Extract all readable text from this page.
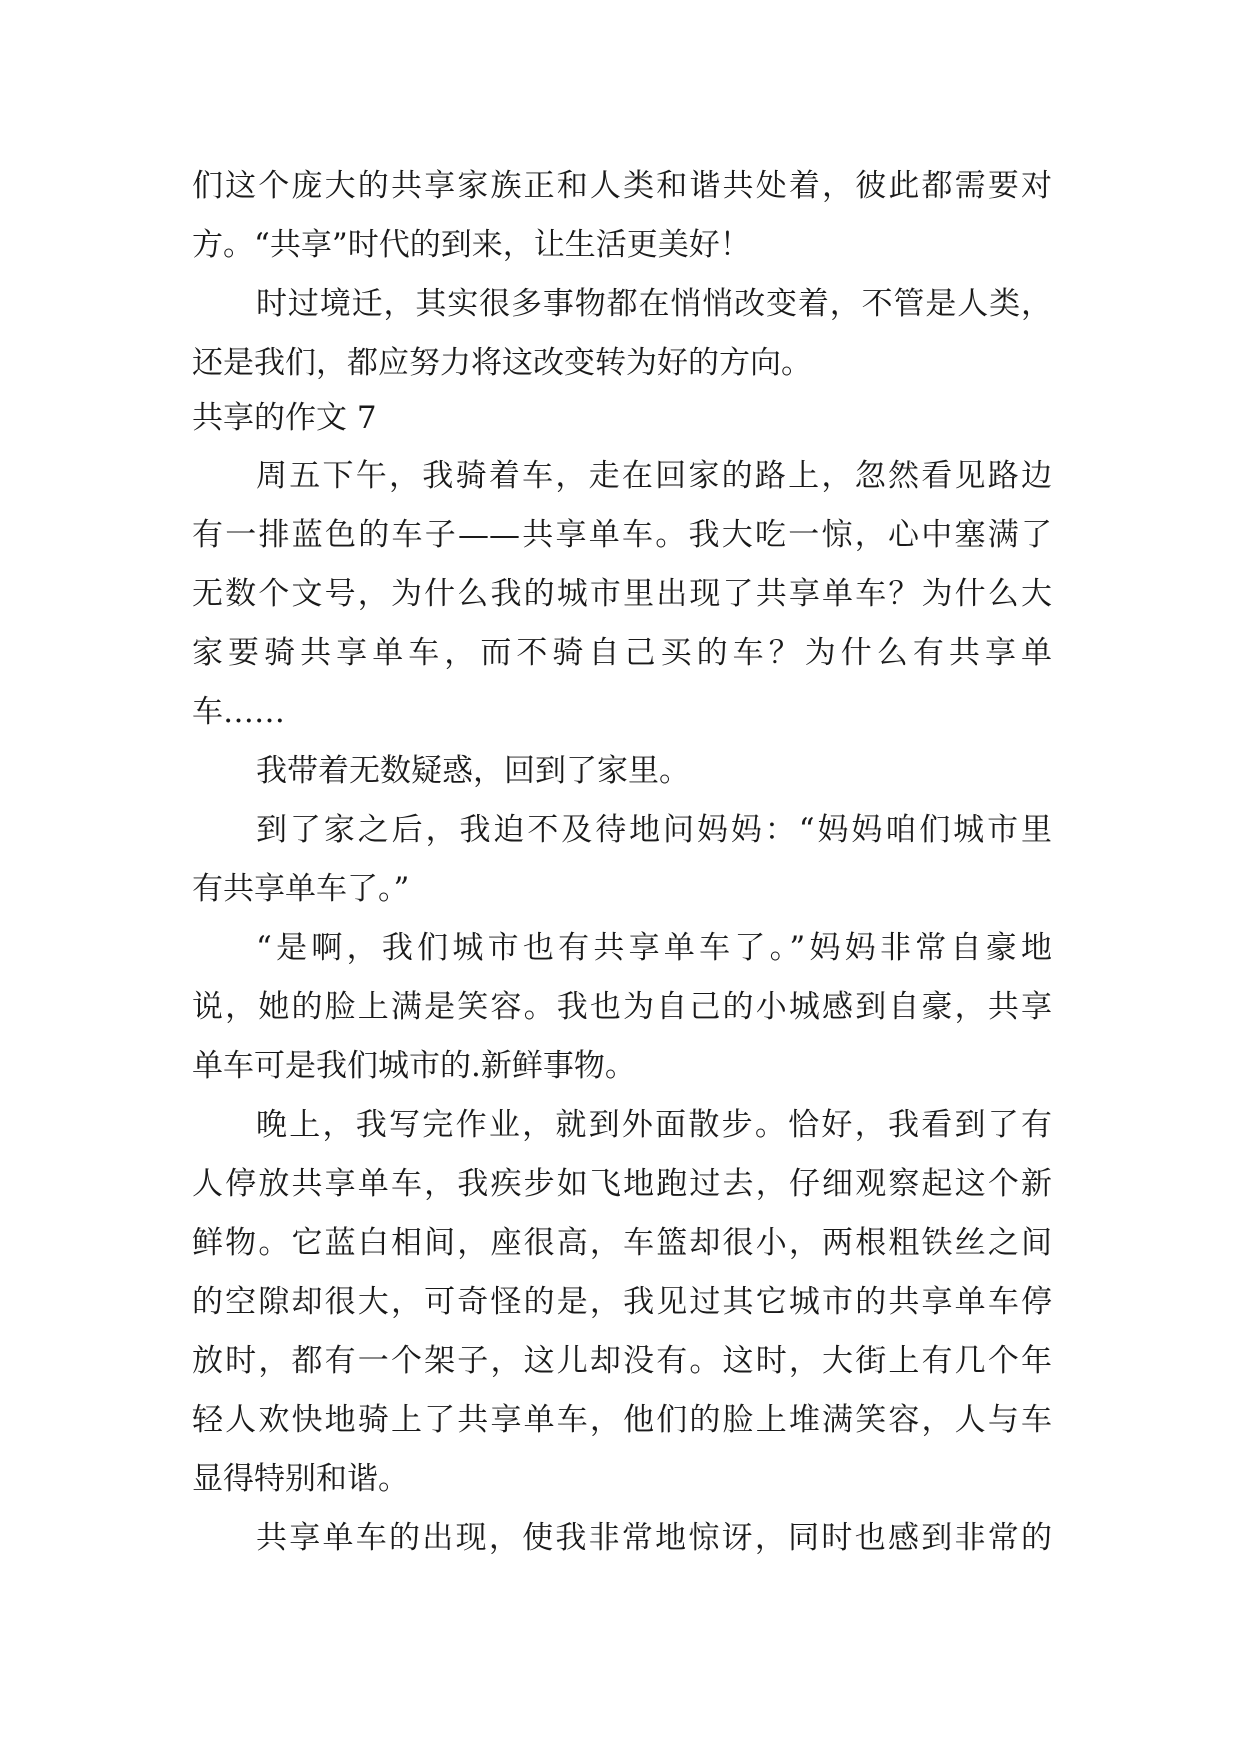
们这个庞大的共享家族正和人类和谐共处着，彼此都需要对
方。“共享”时代的到来，让生活更美好！
时过境迁，其实很多事物都在悄悄改变着，不管是人类，
还是我们，都应努力将这改变转为好的方向。
共享的作文 7
周五下午，我骑着车，走在回家的路上，忽然看见路边
有一排蓝色的车子——共享单车。我大吃一惊，心中塞满了
无数个文号，为什么我的城市里出现了共享单车？为什么大
家要骑共享单车，而不骑自己买的车？为什么有共享单
车……
我带着无数疑惑，回到了家里。
到了家之后，我迫不及待地问妈妈：“妈妈咱们城市里
有共享单车了。”
“是啊，我们城市也有共享单车了。”妈妈非常自豪地
说，她的脸上满是笑容。我也为自己的小城感到自豪，共享
单车可是我们城市的.新鲜事物。
晚上，我写完作业，就到外面散步。恰好，我看到了有
人停放共享单车，我疾步如飞地跑过去，仔细观察起这个新
鲜物。它蓝白相间，座很高，车篮却很小，两根粗铁丝之间
的空隙却很大，可奇怪的是，我见过其它城市的共享单车停
放时，都有一个架子，这儿却没有。这时，大街上有几个年
轻人欢快地骑上了共享单车，他们的脸上堆满笑容，人与车
显得特别和谐。
共享单车的出现，使我非常地惊讶，同时也感到非常的
